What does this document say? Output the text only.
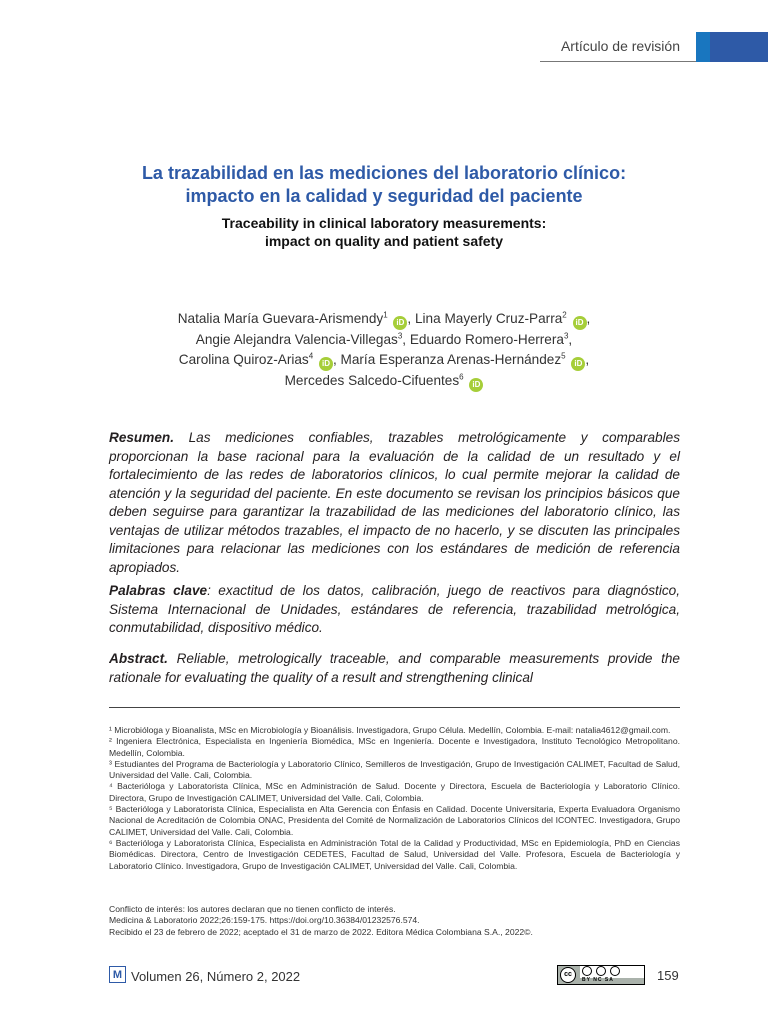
Artículo de revisión
La trazabilidad en las mediciones del laboratorio clínico:
impacto en la calidad y seguridad del paciente
Traceability in clinical laboratory measurements:
impact on quality and patient safety
Natalia María Guevara-Arismendy$^1$ iD , Lina Mayerly Cruz-Parra$^2$ iD ,
Angie Alejandra Valencia-Villegas$^3$, Eduardo Romero-Herrera$^3$,
Carolina Quiroz-Arias$^4$ iD , María Esperanza Arenas-Hernández$^5$ iD ,
Mercedes Salcedo-Cifuentes$^6$ iD
Resumen. Las mediciones confiables, trazables metrológicamente y comparables proporcionan la base racional para la evaluación de la calidad de un resultado y el fortalecimiento de las redes de laboratorios clínicos, lo cual permite mejorar la calidad de atención y la seguridad del paciente. En este documento se revisan los principios básicos que deben seguirse para garantizar la trazabilidad de las mediciones del laboratorio clínico, las ventajas de utilizar métodos trazables, el impacto de no hacerlo, y se discuten las principales limitaciones para relacionar las mediciones con los estándares de medición de referencia apropiados.
Palabras clave: exactitud de los datos, calibración, juego de reactivos para diagnóstico, Sistema Internacional de Unidades, estándares de referencia, trazabilidad metrológica, conmutabilidad, dispositivo médico.
Abstract. Reliable, metrologically traceable, and comparable measurements provide the rationale for evaluating the quality of a result and strengthening clinical

¹ Microbióloga y Bioanalista, MSc en Microbiología y Bioanálisis. Investigadora, Grupo Célula. Medellín, Colombia. E-mail: natalia4612@gmail.com.

² Ingeniera Electrónica, Especialista en Ingeniería Biomédica, MSc en Ingeniería. Docente e Investigadora, Instituto Tecnológico Metropolitano. Medellín, Colombia.

³ Estudiantes del Programa de Bacteriología y Laboratorio Clínico, Semilleros de Investigación, Grupo de Investigación CALIMET, Facultad de Salud, Universidad del Valle. Cali, Colombia.

⁴ Bacterióloga y Laboratorista Clínica, MSc en Administración de Salud. Docente y Directora, Escuela de Bacteriología y Laboratorio Clínico. Directora, Grupo de Investigación CALIMET, Universidad del Valle. Cali, Colombia.

⁵ Bacterióloga y Laboratorista Clínica, Especialista en Alta Gerencia con Énfasis en Calidad. Docente Universitaria, Experta Evaluadora Organismo Nacional de Acreditación de Colombia ONAC, Presidenta del Comité de Normalización de Laboratorios Clínicos del ICONTEC. Investigadora, Grupo CALIMET, Universidad del Valle. Cali, Colombia.

⁶ Bacterióloga y Laboratorista Clínica, Especialista en Administración Total de la Calidad y Productividad, MSc en Epidemiología, PhD en Ciencias Biomédicas. Directora, Centro de Investigación CEDETES, Facultad de Salud, Universidad del Valle. Profesora, Escuela de Bacteriología y Laboratorio Clínico. Investigadora, Grupo de Investigación CALIMET, Universidad del Valle. Cali, Colombia.

Conflicto de interés: los autores declaran que no tienen conflicto de interés.

Medicina & Laboratorio 2022;26:159-175. https://doi.org/10.36384/01232576.574.

Recibido el 23 de febrero de 2022; aceptado el 31 de marzo de 2022. Editora Médica Colombiana S.A., 2022©.

M Volumen 26, Número 2, 2022	cc
BY NC SA	159
